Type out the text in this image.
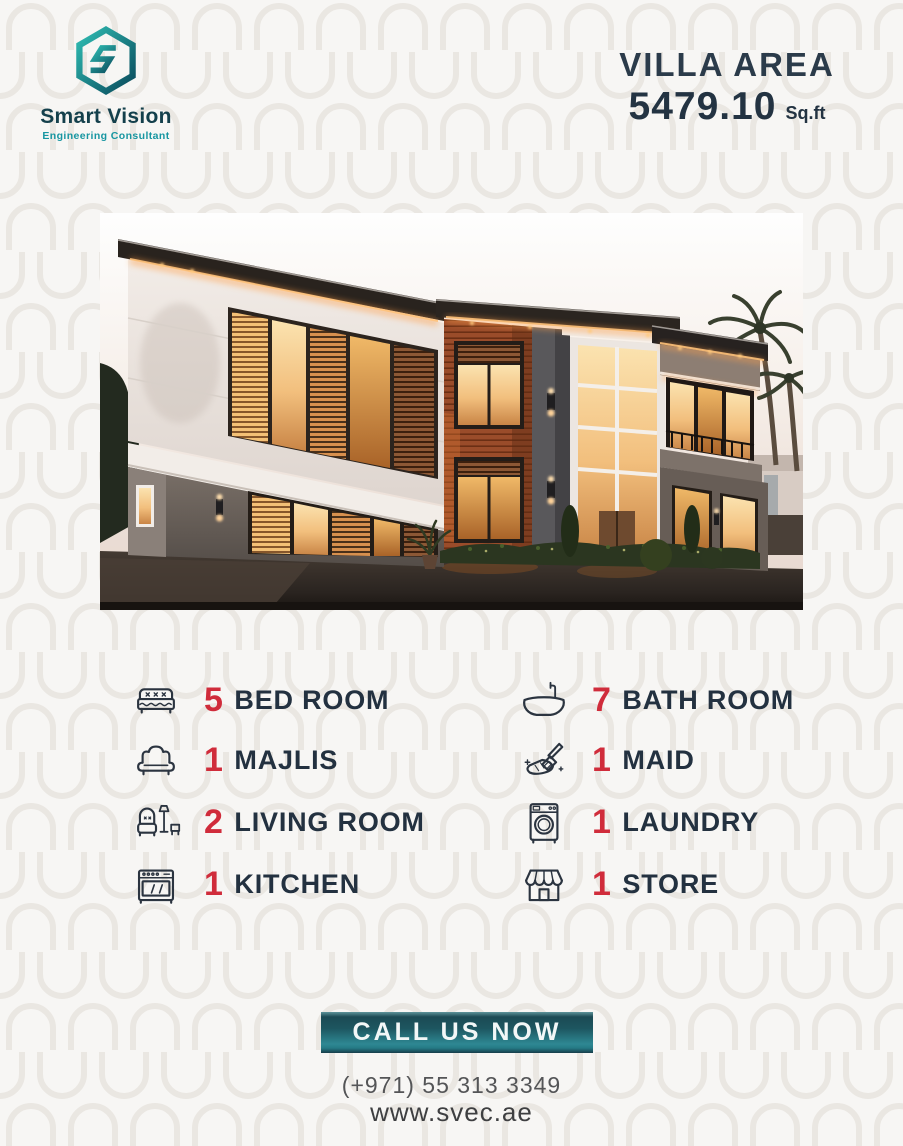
Smart Vision
Engineering Consultant
VILLA AREA
5479.10 Sq.ft
5 BED ROOM
1 MAJLIS
2 LIVING ROOM
1 KITCHEN
7 BATH ROOM
1 MAID
1 LAUNDRY
1 STORE
CALL US NOW
(+971) 55 313 3349
www.svec.ae
